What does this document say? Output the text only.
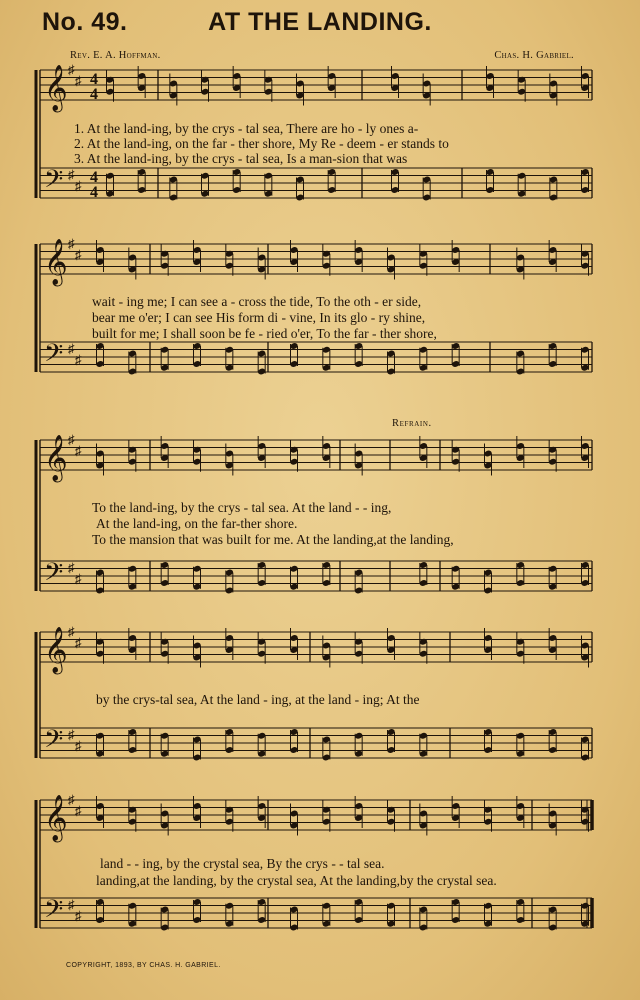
No. 49.	AT THE LANDING.
Rev. E. A. Hoffman.	Chas. H. Gabriel.
𝄞 ♯
♯ 4
4
𝄢 ♯
♯ 4
4
𝄞 ♯
♯
𝄢 ♯
♯
𝄞 ♯
♯
𝄢 ♯
♯
𝄞 ♯
♯
𝄢 ♯
♯
𝄞 ♯
♯
𝄢 ♯
♯
1. At the land-ing, by the crys - tal sea, There are ho - ly ones a-
2. At the land-ing, on the far - ther shore, My Re - deem - er stands to
3. At the land-ing, by the crys - tal sea, Is a man-sion that was
wait - ing me; I can see a - cross the tide, To the oth - er side,
bear me o'er; I can see His form di - vine, In its glo - ry shine,
built for me; I shall soon be fe - ried o'er, To the far - ther shore,
Refrain.
To the land-ing, by the crys - tal sea. At the land - - ing,
At the land-ing, on the far-ther shore.
To the mansion that was built for me. At the landing,at the landing,
by the crys-tal sea, At the land - ing, at the land - ing; At the
land - - ing, by the crystal sea, By the crys - - tal sea.
landing,at the landing, by the crystal sea, At the landing,by the crystal sea.
COPYRIGHT, 1893, BY CHAS. H. GABRIEL.
